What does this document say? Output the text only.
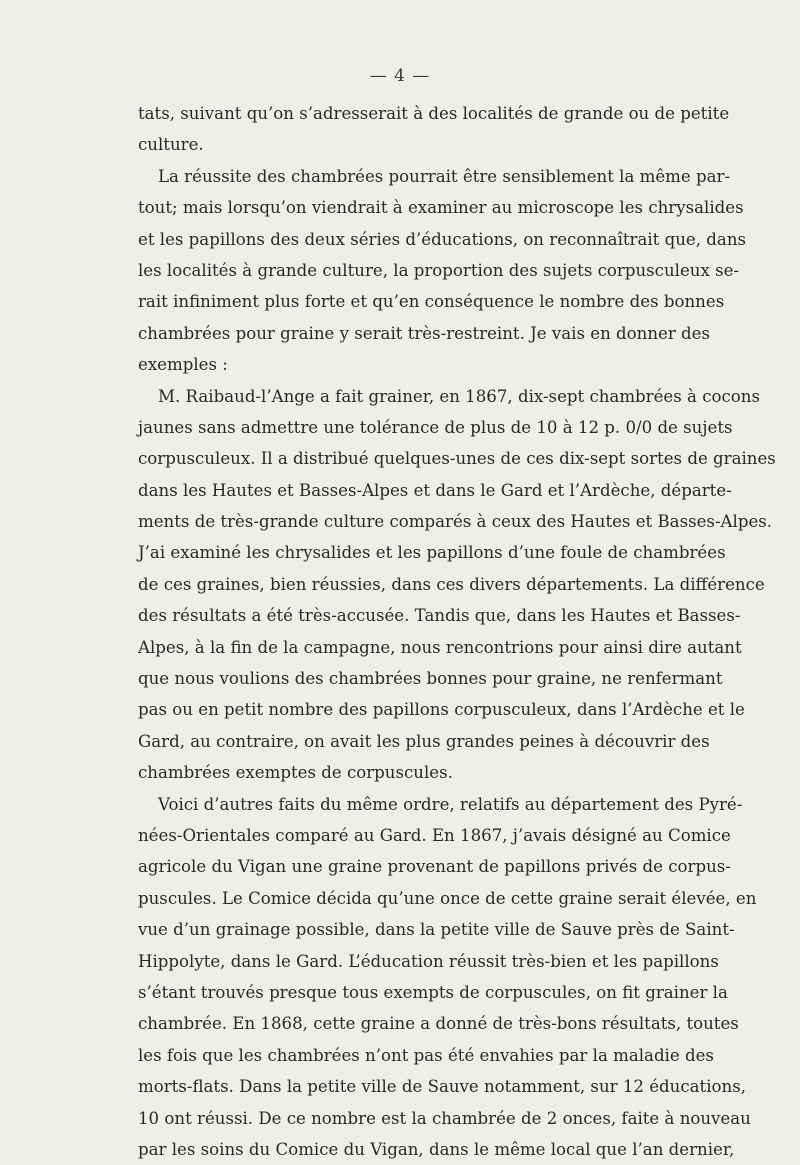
— 4 —
tats, suivant qu’on s’adresserait à des localités de grande ou de petite
culture.
La réussite des chambrées pourrait être sensiblement la même par-
tout; mais lorsqu’on viendrait à examiner au microscope les chrysalides
et les papillons des deux séries d’éducations, on reconnaîtrait que, dans
les localités à grande culture, la proportion des sujets corpusculeux se-
rait infiniment plus forte et qu’en conséquence le nombre des bonnes
chambrées pour graine y serait très-restreint. Je vais en donner des
exemples :
M. Raibaud-l’Ange a fait grainer, en 1867, dix-sept chambrées à cocons
jaunes sans admettre une tolérance de plus de 10 à 12 p. 0/0 de sujets
corpusculeux. Il a distribué quelques-unes de ces dix-sept sortes de graines
dans les Hautes et Basses-Alpes et dans le Gard et l’Ardèche, départe-
ments de très-grande culture comparés à ceux des Hautes et Basses-Alpes.
J’ai examiné les chrysalides et les papillons d’une foule de chambrées
de ces graines, bien réussies, dans ces divers départements. La différence
des résultats a été très-accusée. Tandis que, dans les Hautes et Basses-
Alpes, à la fin de la campagne, nous rencontrions pour ainsi dire autant
que nous voulions des chambrées bonnes pour graine, ne renfermant
pas ou en petit nombre des papillons corpusculeux, dans l’Ardèche et le
Gard, au contraire, on avait les plus grandes peines à découvrir des
chambrées exemptes de corpuscules.
Voici d’autres faits du même ordre, relatifs au département des Pyré-
nées-Orientales comparé au Gard. En 1867, j’avais désigné au Comice
agricole du Vigan une graine provenant de papillons privés de corpus-
puscules. Le Comice décida qu’une once de cette graine serait élevée, en
vue d’un grainage possible, dans la petite ville de Sauve près de Saint-
Hippolyte, dans le Gard. L’éducation réussit très-bien et les papillons
s’étant trouvés presque tous exempts de corpuscules, on fit grainer la
chambrée. En 1868, cette graine a donné de très-bons résultats, toutes
les fois que les chambrées n’ont pas été envahies par la maladie des
morts-flats. Dans la petite ville de Sauve notamment, sur 12 éducations,
10 ont réussi. De ce nombre est la chambrée de 2 onces, faite à nouveau
par les soins du Comice du Vigan, dans le même local que l’an dernier,
